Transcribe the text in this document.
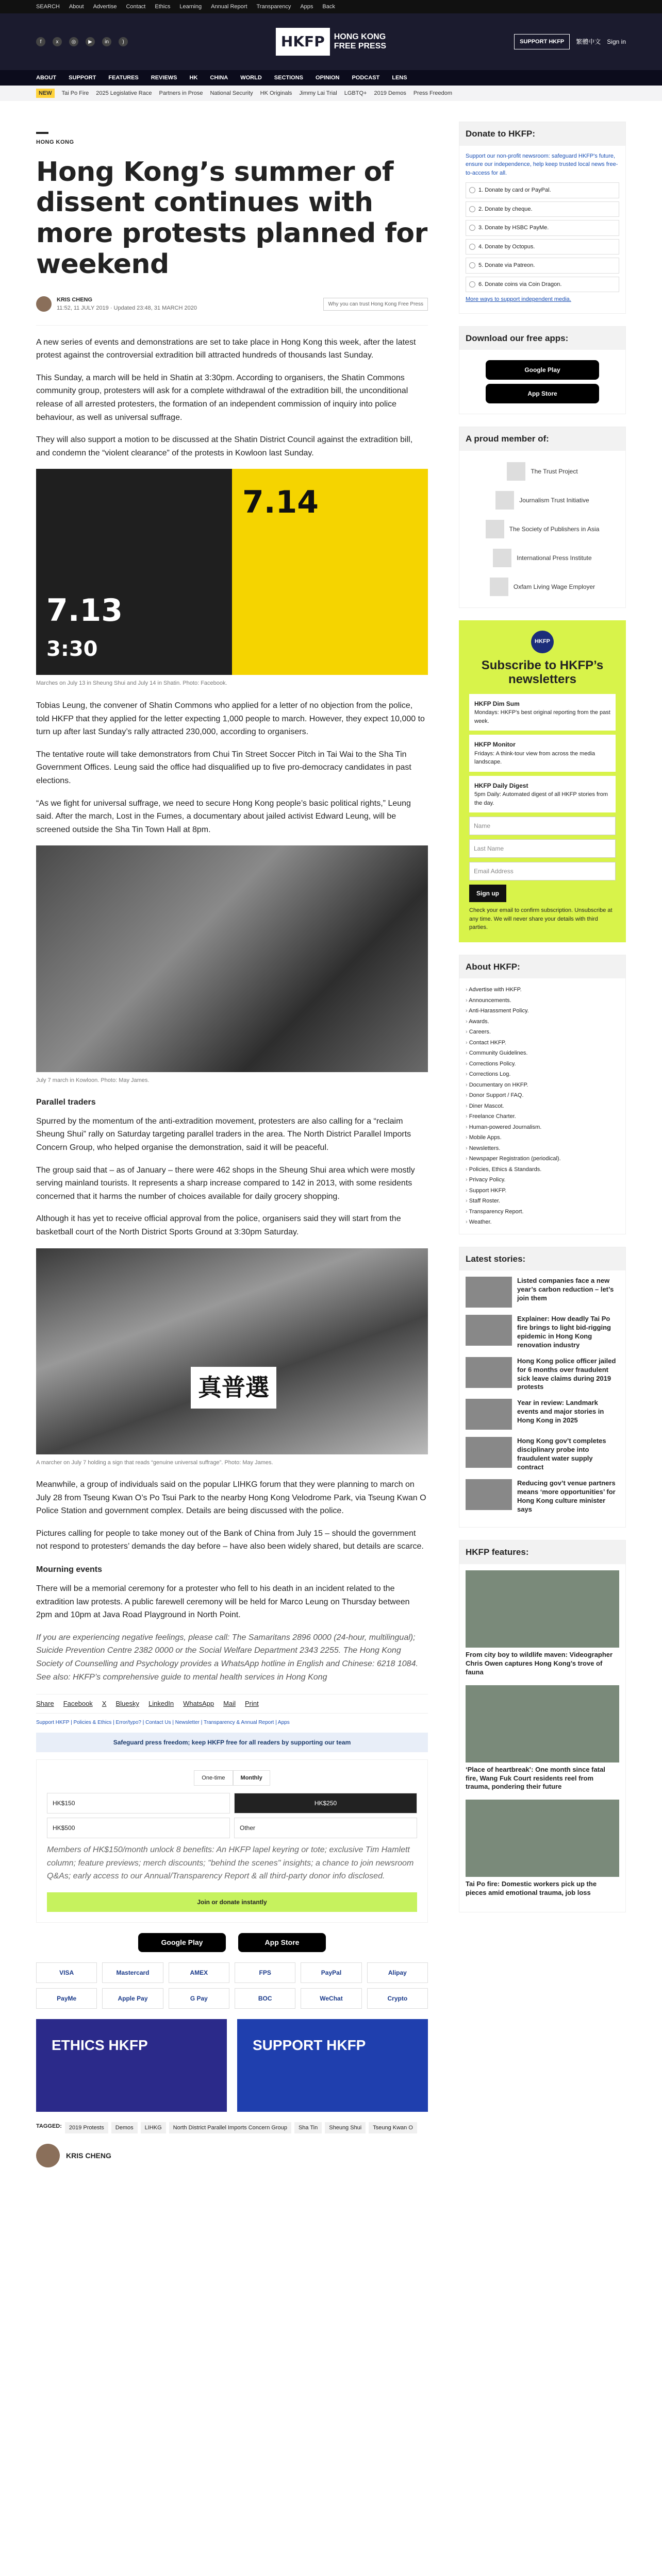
SEARCH About Advertise Contact Ethics Learning Annual Report Transparency Apps Back
f	x	◎	▶	in	)	HKFP	HONG KONG
FREE PRESS
SUPPORT HKFP	繁體中文 Sign in
ABOUT SUPPORT FEATURES REVIEWS HK CHINA WORLD SECTIONS OPINION PODCAST LENS
NEW	Tai Po Fire 2025 Legislative Race Partners in Prose National Security HK Originals Jimmy Lai Trial LGBTQ+ 2019 Demos Press Freedom
HONG KONG
Hong Kong’s summer of dissent continues with more protests planned for weekend
KRIS CHENG
11:52, 11 JULY 2019 · Updated 23:48, 31 MARCH 2020
Why you can trust Hong Kong Free Press

A new series of events and demonstrations are set to take place in Hong Kong this week, after the latest protest against the controversial extradition bill attracted hundreds of thousands last Sunday.

This Sunday, a march will be held in Shatin at 3:30pm. According to organisers, the Shatin Commons community group, protesters will ask for a complete withdrawal of the extradition bill, the unconditional release of all arrested protesters, the formation of an independent commission of inquiry into police behaviour, as well as universal suffrage.

They will also support a motion to be discussed at the Shatin District Council against the extradition bill, and condemn the “violent clearance” of the protests in Kowloon last Sunday.

7.13
3:30
7.14
Marches on July 13 in Sheung Shui and July 14 in Shatin. Photo: Facebook.

Tobias Leung, the convener of Shatin Commons who applied for a letter of no objection from the police, told HKFP that they applied for the letter expecting 1,000 people to march. However, they expect 10,000 to turn up after last Sunday’s rally attracted 230,000, according to organisers.

The tentative route will take demonstrators from Chui Tin Street Soccer Pitch in Tai Wai to the Sha Tin Government Offices. Leung said the office had disqualified up to five pro-democracy candidates in past elections.

“As we fight for universal suffrage, we need to secure Hong Kong people’s basic political rights,” Leung said. After the march, Lost in the Fumes, a documentary about jailed activist Edward Leung, will be screened outside the Sha Tin Town Hall at 8pm.

July 7 march in Kowloon. Photo: May James.
Parallel traders

Spurred by the momentum of the anti-extradition movement, protesters are also calling for a “reclaim Sheung Shui” rally on Saturday targeting parallel traders in the area. The North District Parallel Imports Concern Group, who helped organise the demonstration, said it will be peaceful.

The group said that – as of January – there were 462 shops in the Sheung Shui area which were mostly serving mainland tourists. It represents a sharp increase compared to 142 in 2013, with some residents concerned that it harms the number of choices available for daily grocery shopping.

Although it has yet to receive official approval from the police, organisers said they will start from the basketball court of the North District Sports Ground at 3:30pm Saturday.

真普選
A marcher on July 7 holding a sign that reads “genuine universal suffrage”. Photo: May James.

Meanwhile, a group of individuals said on the popular LIHKG forum that they were planning to march on July 28 from Tseung Kwan O’s Po Tsui Park to the nearby Hong Kong Velodrome Park, via Tseung Kwan O Police Station and government complex. Details are being discussed with the police.

Pictures calling for people to take money out of the Bank of China from July 15 – should the government not respond to protesters’ demands the day before – have also been widely shared, but details are scarce.

Mourning events

There will be a memorial ceremony for a protester who fell to his death in an incident related to the extradition law protests. A public farewell ceremony will be held for Marco Leung on Thursday between 2pm and 10pm at Java Road Playground in North Point.

If you are experiencing negative feelings, please call: The Samaritans 2896 0000 (24-hour, multilingual); Suicide Prevention Centre 2382 0000 or the Social Welfare Department 2343 2255. The Hong Kong Society of Counselling and Psychology provides a WhatsApp hotline in English and Chinese: 6218 1084. See also: HKFP’s comprehensive guide to mental health services in Hong Kong

Share Facebook X Bluesky LinkedIn WhatsApp Mail Print
Support HKFP | Policies & Ethics | Error/typo? | Contact Us | Newsletter | Transparency & Annual Report | Apps
Safeguard press freedom; keep HKFP free for all readers by supporting our team
One-time	Monthly
HK$150	HK$250
HK$500	Other

Members of HK$150/month unlock 8 benefits: An HKFP lapel keyring or tote; exclusive Tim Hamlett column; feature previews; merch discounts; "behind the scenes" insights; a chance to join newsroom Q&As; early access to our Annual/Transparency Report & all third-party donor info disclosed.

Join or donate instantly
Google Play	App Store
VISA	Mastercard	AMEX	FPS	PayPal	Alipay
PayMe	Apple Pay	G Pay	BOC	WeChat	Crypto
ETHICS HKFP	SUPPORT HKFP
TAGGED:	2019 Protests	Demos	LIHKG	North District Parallel Imports Concern Group	Sha Tin	Sheung Shui	Tseung Kwan O
KRIS CHENG
Donate to HKFP:

Support our non-profit newsroom: safeguard HKFP's future, ensure our independence, help keep trusted local news free-to-access for all.

1. Donate by card or PayPal.
2. Donate by cheque.
3. Donate by HSBC PayMe.
4. Donate by Octopus.
5. Donate via Patreon.
6. Donate coins via Coin Dragon.
More ways to support independent media.
Download our free apps:
Google Play
App Store
A proud member of:
The Trust Project
Journalism Trust Initiative
The Society of Publishers in Asia
International Press Institute
Oxfam Living Wage Employer
HKFP
Subscribe to HKFP’s newsletters
HKFP Dim Sum
Mondays: HKFP's best original reporting from the past week.
HKFP Monitor
Fridays: A think-tour view from across the media landscape.
HKFP Daily Digest
5pm Daily: Automated digest of all HKFP stories from the day.
Name
Last Name
Email Address
Sign up

Check your email to confirm subscription. Unsubscribe at any time. We will never share your details with third parties.

About HKFP:
› Advertise with HKFP.
› Announcements.
› Anti-Harassment Policy.
› Awards.
› Careers.
› Contact HKFP.
› Community Guidelines.
› Corrections Policy.
› Corrections Log.
› Documentary on HKFP.
› Donor Support / FAQ.
› Diner Mascot.
› Freelance Charter.
› Human-powered Journalism.
› Mobile Apps.
› Newsletters.
› Newspaper Registration (periodical).
› Policies, Ethics & Standards.
› Privacy Policy.
› Support HKFP.
› Staff Roster.
› Transparency Report.
› Weather.
Latest stories:

Listed companies face a new year’s carbon reduction – let’s join them

Explainer: How deadly Tai Po fire brings to light bid-rigging epidemic in Hong Kong renovation industry

Hong Kong police officer jailed for 6 months over fraudulent sick leave claims during 2019 protests

Year in review: Landmark events and major stories in Hong Kong in 2025

Hong Kong gov’t completes disciplinary probe into fraudulent water supply contract

Reducing gov’t venue partners means ‘more opportunities’ for Hong Kong culture minister says

HKFP features:

From city boy to wildlife maven: Videographer Chris Owen captures Hong Kong’s trove of fauna

‘Place of heartbreak’: One month since fatal fire, Wang Fuk Court residents reel from trauma, pondering their future

Tai Po fire: Domestic workers pick up the pieces amid emotional trauma, job loss
